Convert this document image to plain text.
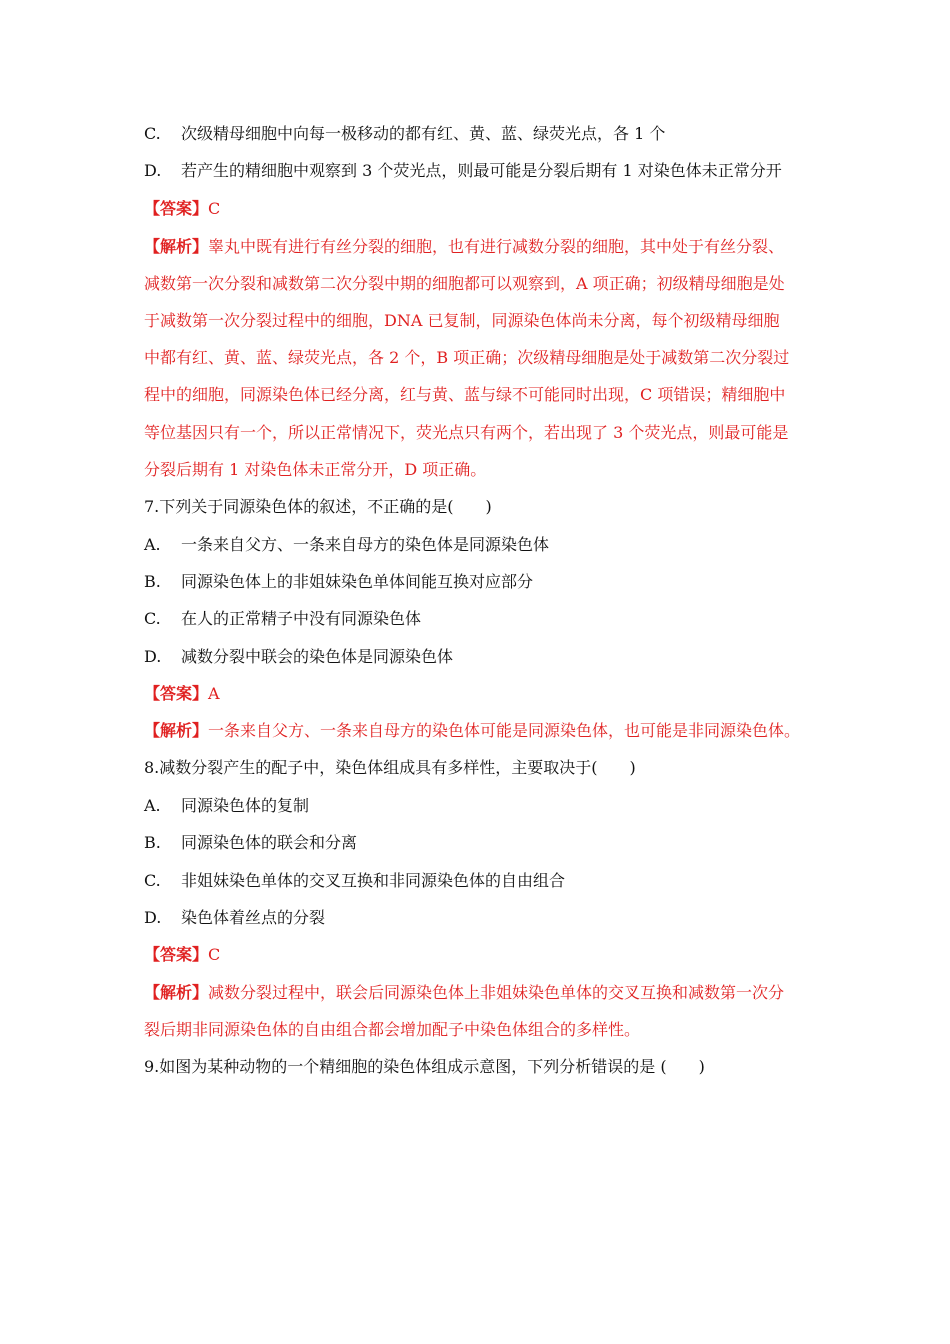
C. 次级精母细胞中向每一极移动的都有红、黄、蓝、绿荧光点，各 1 个
D. 若产生的精细胞中观察到 3 个荧光点，则最可能是分裂后期有 1 对染色体未正常分开
【答案】C
【解析】睾丸中既有进行有丝分裂的细胞，也有进行减数分裂的细胞，其中处于有丝分裂、
减数第一次分裂和减数第二次分裂中期的细胞都可以观察到，A 项正确；初级精母细胞是处
于减数第一次分裂过程中的细胞，DNA 已复制，同源染色体尚未分离，每个初级精母细胞
中都有红、黄、蓝、绿荧光点，各 2 个，B 项正确；次级精母细胞是处于减数第二次分裂过
程中的细胞，同源染色体已经分离，红与黄、蓝与绿不可能同时出现，C 项错误；精细胞中
等位基因只有一个，所以正常情况下，荧光点只有两个，若出现了 3 个荧光点，则最可能是
分裂后期有 1 对染色体未正常分开，D 项正确。
7.下列关于同源染色体的叙述，不正确的是(　　)
A. 一条来自父方、一条来自母方的染色体是同源染色体
B. 同源染色体上的非姐妹染色单体间能互换对应部分
C. 在人的正常精子中没有同源染色体
D. 减数分裂中联会的染色体是同源染色体
【答案】A
【解析】一条来自父方、一条来自母方的染色体可能是同源染色体，也可能是非同源染色体。
8.减数分裂产生的配子中，染色体组成具有多样性，主要取决于(　　)
A. 同源染色体的复制
B. 同源染色体的联会和分离
C. 非姐妹染色单体的交叉互换和非同源染色体的自由组合
D. 染色体着丝点的分裂
【答案】C
【解析】减数分裂过程中，联会后同源染色体上非姐妹染色单体的交叉互换和减数第一次分
裂后期非同源染色体的自由组合都会增加配子中染色体组合的多样性。
9.如图为某种动物的一个精细胞的染色体组成示意图，下列分析错误的是 (　　)
